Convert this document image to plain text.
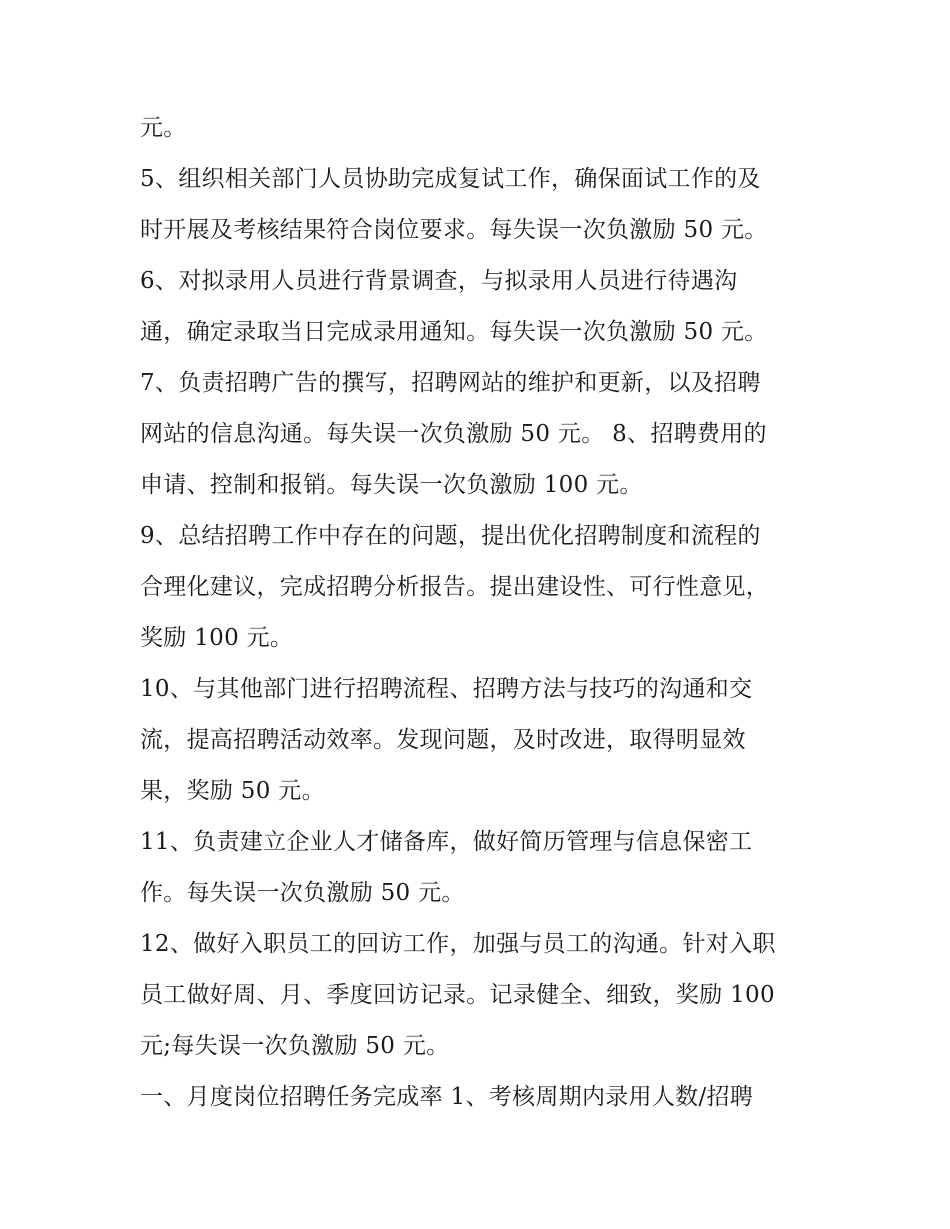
元。
5、组织相关部门人员协助完成复试工作，确保面试工作的及
时开展及考核结果符合岗位要求。每失误一次负激励 50 元。
6、对拟录用人员进行背景调查，与拟录用人员进行待遇沟
通，确定录取当日完成录用通知。每失误一次负激励 50 元。
7、负责招聘广告的撰写，招聘网站的维护和更新，以及招聘
网站的信息沟通。每失误一次负激励 50 元。 8、招聘费用的
申请、控制和报销。每失误一次负激励 100 元。
9、总结招聘工作中存在的问题，提出优化招聘制度和流程的
合理化建议，完成招聘分析报告。提出建设性、可行性意见，
奖励 100 元。
10、与其他部门进行招聘流程、招聘方法与技巧的沟通和交
流，提高招聘活动效率。发现问题，及时改进，取得明显效
果，奖励 50 元。
11、负责建立企业人才储备库，做好简历管理与信息保密工
作。每失误一次负激励 50 元。
12、做好入职员工的回访工作，加强与员工的沟通。针对入职
员工做好周、月、季度回访记录。记录健全、细致，奖励 100
元;每失误一次负激励 50 元。
一、月度岗位招聘任务完成率 1、考核周期内录用人数/招聘
